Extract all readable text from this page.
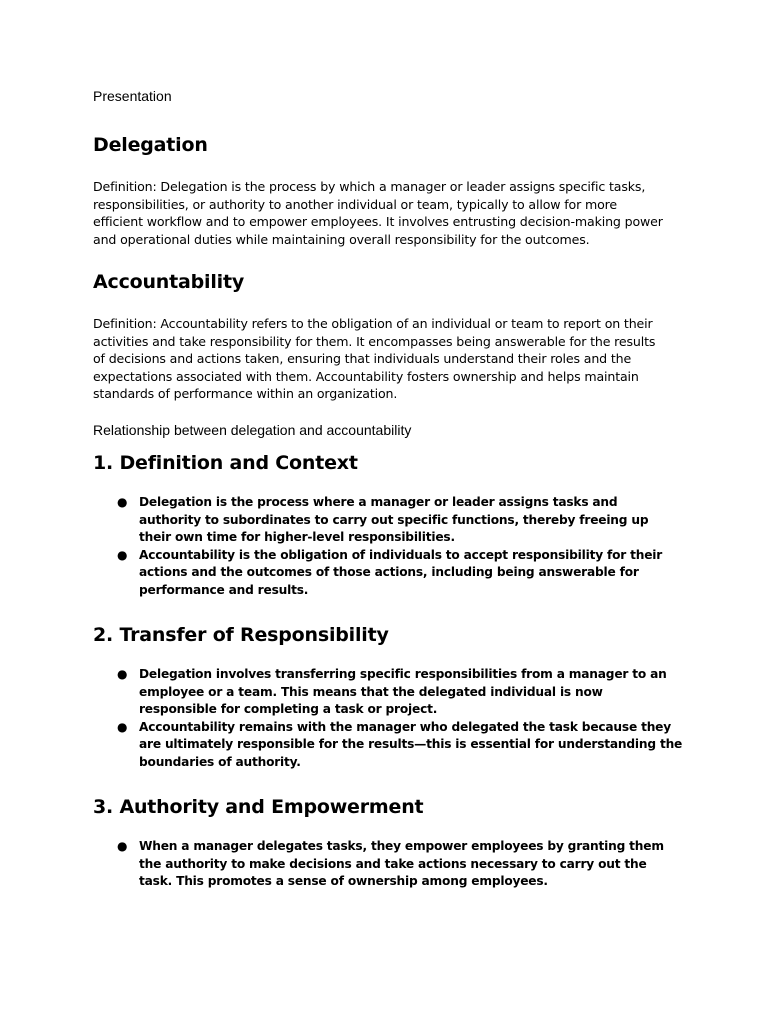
Presentation

Delegation

Definition: Delegation is the process by which a manager or leader assigns specific tasks, responsibilities, or authority to another individual or team, typically to allow for more efficient workflow and to empower employees. It involves entrusting decision-making power and operational duties while maintaining overall responsibility for the outcomes.

Accountability

Definition: Accountability refers to the obligation of an individual or team to report on their activities and take responsibility for them. It encompasses being answerable for the results of decisions and actions taken, ensuring that individuals understand their roles and the expectations associated with them. Accountability fosters ownership and helps maintain standards of performance within an organization.

Relationship between delegation and accountability

1. Definition and Context
● Delegation is the process where a manager or leader assigns tasks and authority to subordinates to carry out specific functions, thereby freeing up their own time for higher-level responsibilities.
● Accountability is the obligation of individuals to accept responsibility for their actions and the outcomes of those actions, including being answerable for performance and results.
2. Transfer of Responsibility
● Delegation involves transferring specific responsibilities from a manager to an employee or a team. This means that the delegated individual is now responsible for completing a task or project.
● Accountability remains with the manager who delegated the task because they are ultimately responsible for the results—this is essential for understanding the boundaries of authority.
3. Authority and Empowerment
● When a manager delegates tasks, they empower employees by granting them the authority to make decisions and take actions necessary to carry out the task. This promotes a sense of ownership among employees.
